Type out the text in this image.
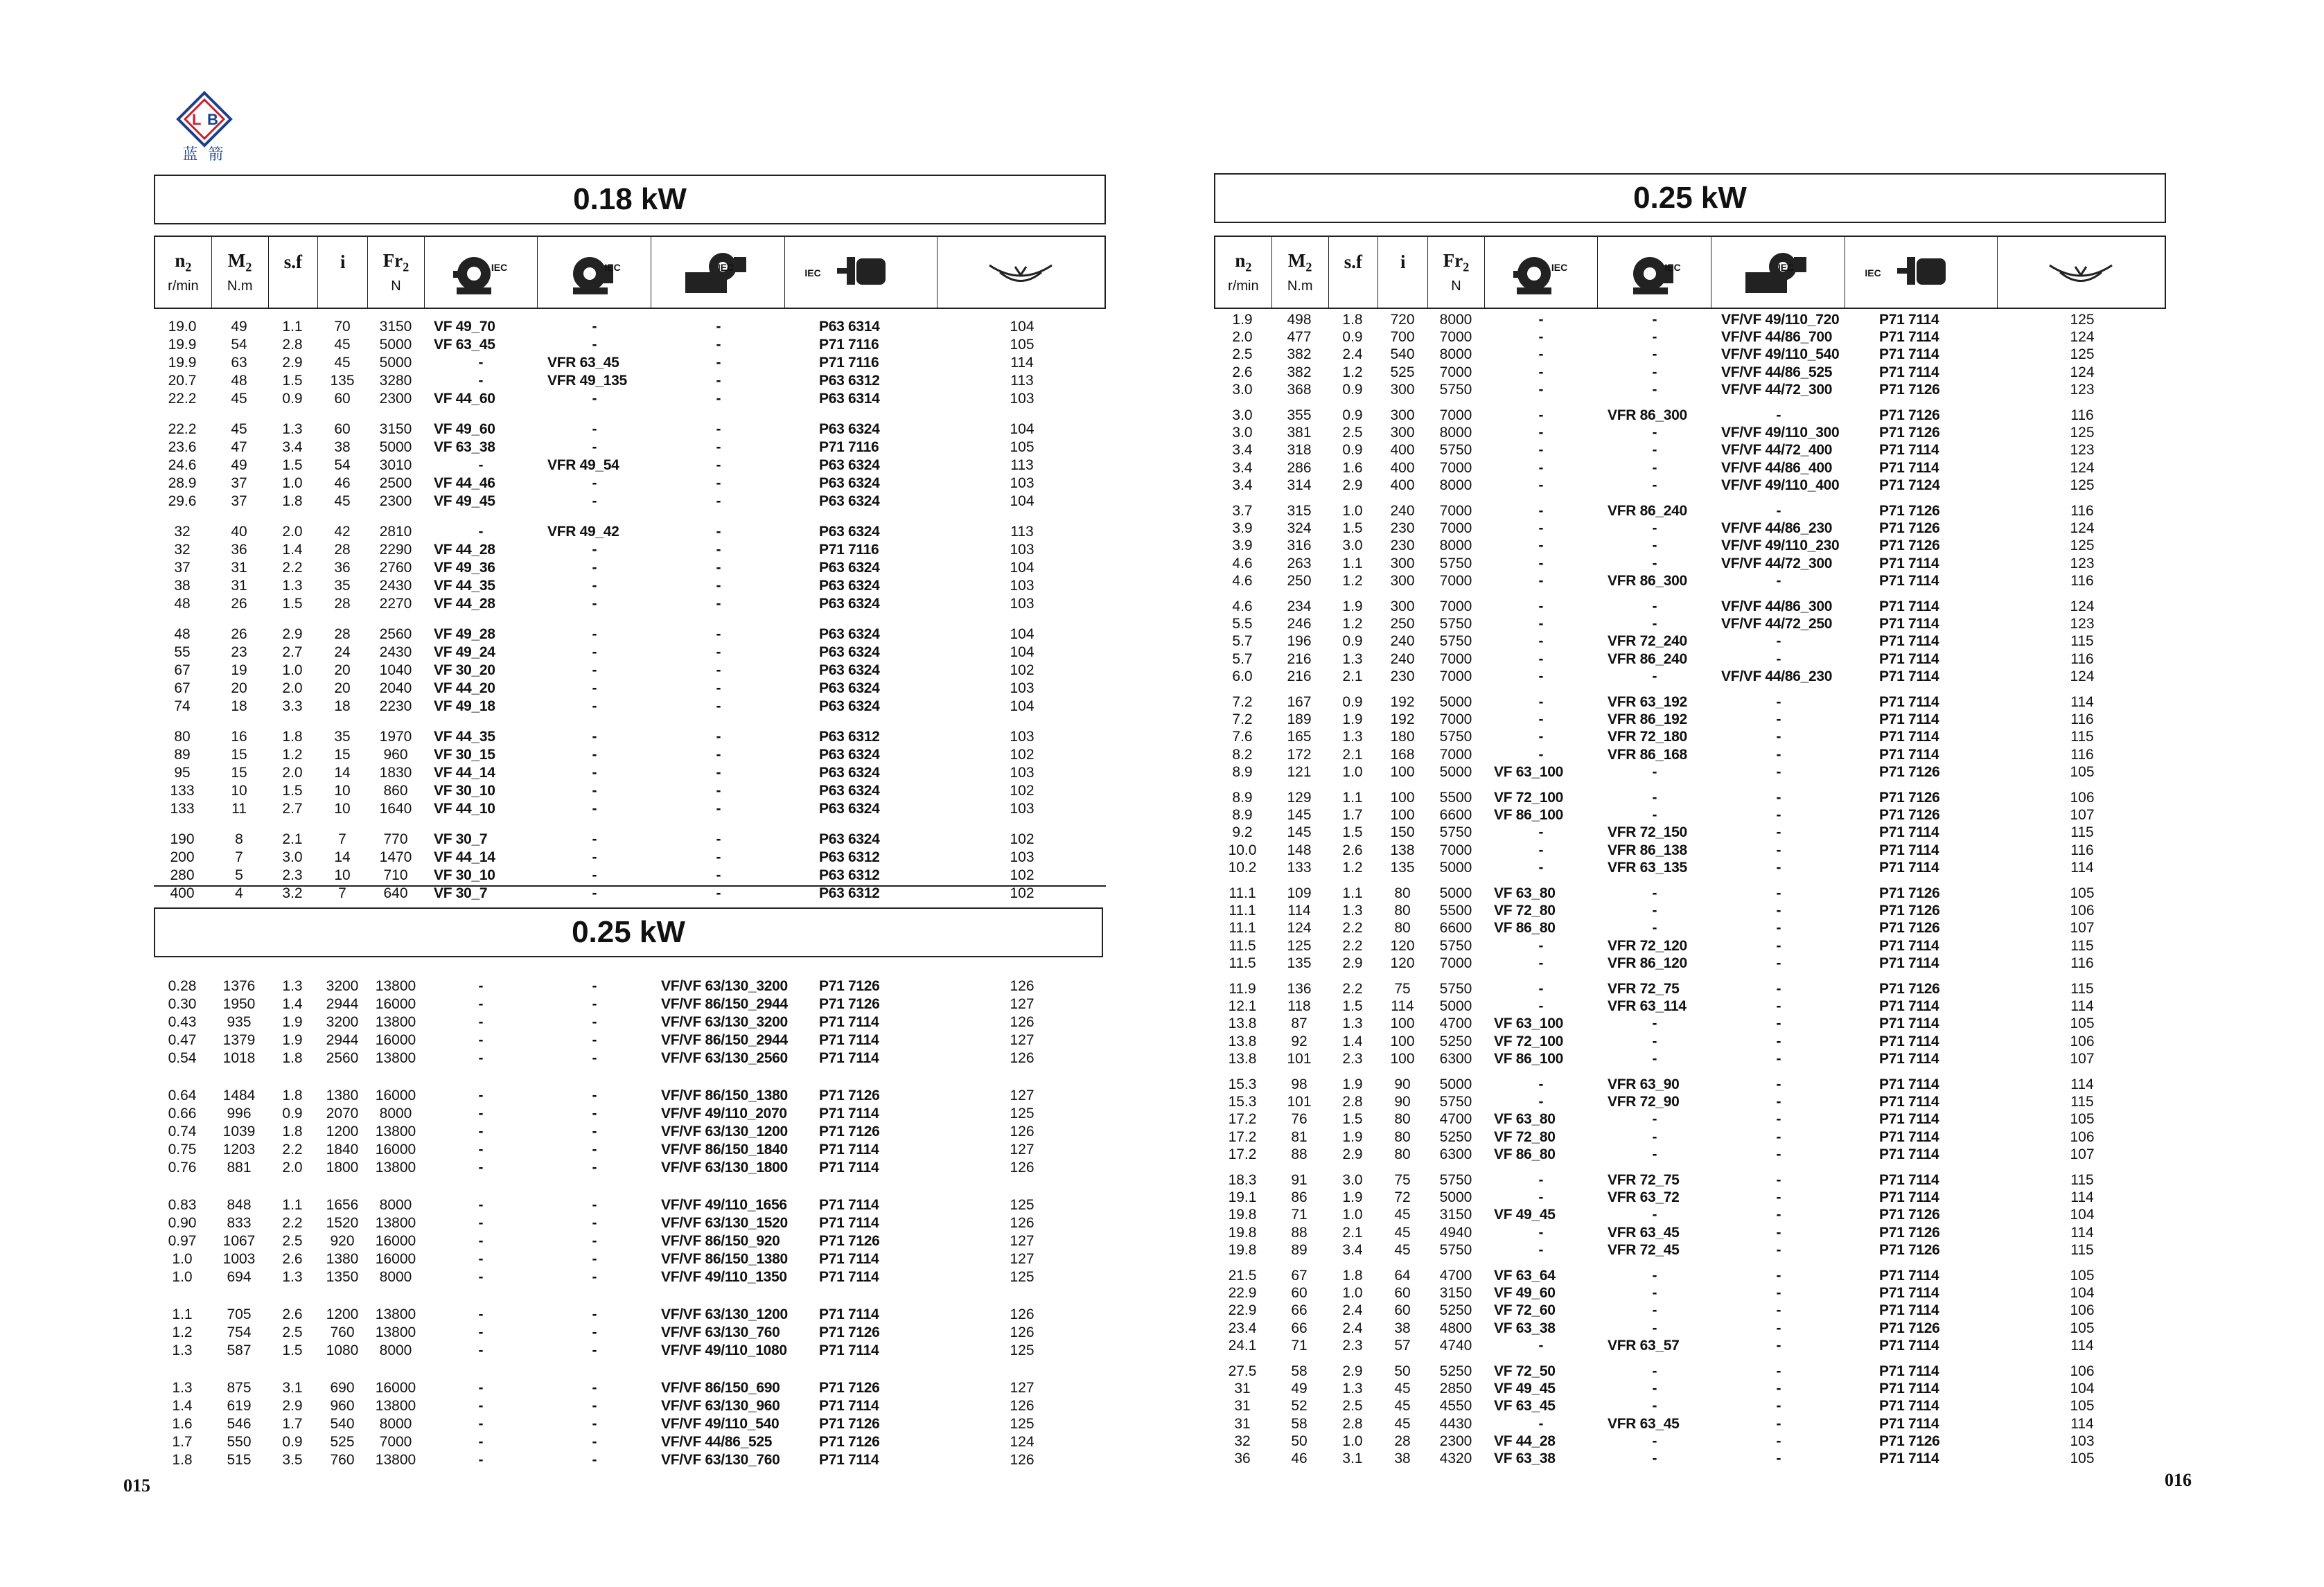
L B
蓝 箭
0.18 kW
0.25 kW
0.25 kW
$n_2$
r/min
$M_2$
N.m
s.f
i
$Fr_2$
N
IEC	IEC	IEC	IEC
$n_2$
r/min
$M_2$
N.m
s.f
i
$Fr_2$
N
IEC	IEC	IEC	IEC
19.0	49	1.1	70	3150	VF 49_70	-	-	P63 6314	104
19.9	54	2.8	45	5000	VF 63_45	-	-	P71 7116	105
19.9	63	2.9	45	5000	-	VFR 63_45	-	P71 7116	114
20.7	48	1.5	135	3280	-	VFR 49_135	-	P63 6312	113
22.2	45	0.9	60	2300	VF 44_60	-	-	P63 6314	103
22.2	45	1.3	60	3150	VF 49_60	-	-	P63 6324	104
23.6	47	3.4	38	5000	VF 63_38	-	-	P71 7116	105
24.6	49	1.5	54	3010	-	VFR 49_54	-	P63 6324	113
28.9	37	1.0	46	2500	VF 44_46	-	-	P63 6324	103
29.6	37	1.8	45	2300	VF 49_45	-	-	P63 6324	104
32	40	2.0	42	2810	-	VFR 49_42	-	P63 6324	113
32	36	1.4	28	2290	VF 44_28	-	-	P71 7116	103
37	31	2.2	36	2760	VF 49_36	-	-	P63 6324	104
38	31	1.3	35	2430	VF 44_35	-	-	P63 6324	103
48	26	1.5	28	2270	VF 44_28	-	-	P63 6324	103
48	26	2.9	28	2560	VF 49_28	-	-	P63 6324	104
55	23	2.7	24	2430	VF 49_24	-	-	P63 6324	104
67	19	1.0	20	1040	VF 30_20	-	-	P63 6324	102
67	20	2.0	20	2040	VF 44_20	-	-	P63 6324	103
74	18	3.3	18	2230	VF 49_18	-	-	P63 6324	104
80	16	1.8	35	1970	VF 44_35	-	-	P63 6312	103
89	15	1.2	15	960	VF 30_15	-	-	P63 6324	102
95	15	2.0	14	1830	VF 44_14	-	-	P63 6324	103
133	10	1.5	10	860	VF 30_10	-	-	P63 6324	102
133	11	2.7	10	1640	VF 44_10	-	-	P63 6324	103
190	8	2.1	7	770	VF 30_7	-	-	P63 6324	102
200	7	3.0	14	1470	VF 44_14	-	-	P63 6312	103
280	5	2.3	10	710	VF 30_10	-	-	P63 6312	102
400	4	3.2	7	640	VF 30_7	-	-	P63 6312	102
0.28	1376	1.3	3200	13800	-	-	VF/VF 63/130_3200 P71 7126	126
0.30	1950	1.4	2944	16000	-	-	VF/VF 86/150_2944 P71 7126	127
0.43	935	1.9	3200	13800	-	-	VF/VF 63/130_3200 P71 7114	126
0.47	1379	1.9	2944	16000	-	-	VF/VF 86/150_2944 P71 7114	127
0.54	1018	1.8	2560	13800	-	-	VF/VF 63/130_2560 P71 7114	126
0.64	1484	1.8	1380	16000	-	-	VF/VF 86/150_1380 P71 7126	127
0.66	996	0.9	2070	8000	-	-	VF/VF 49/110_2070 P71 7114	125
0.74	1039	1.8	1200	13800	-	-	VF/VF 63/130_1200 P71 7126	126
0.75	1203	2.2	1840	16000	-	-	VF/VF 86/150_1840 P71 7114	127
0.76	881	2.0	1800	13800	-	-	VF/VF 63/130_1800 P71 7114	126
0.83	848	1.1	1656	8000	-	-	VF/VF 49/110_1656 P71 7114	125
0.90	833	2.2	1520	13800	-	-	VF/VF 63/130_1520 P71 7114	126
0.97	1067	2.5	920	16000	-	-	VF/VF 86/150_920	P71 7126	127
1.0	1003	2.6	1380	16000	-	-	VF/VF 86/150_1380 P71 7114	127
1.0	694	1.3	1350	8000	-	-	VF/VF 49/110_1350 P71 7114	125
1.1	705	2.6	1200	13800	-	-	VF/VF 63/130_1200 P71 7114	126
1.2	754	2.5	760	13800	-	-	VF/VF 63/130_760	P71 7126	126
1.3	587	1.5	1080	8000	-	-	VF/VF 49/110_1080 P71 7114	125
1.3	875	3.1	690	16000	-	-	VF/VF 86/150_690	P71 7126	127
1.4	619	2.9	960	13800	-	-	VF/VF 63/130_960	P71 7114	126
1.6	546	1.7	540	8000	-	-	VF/VF 49/110_540	P71 7126	125
1.7	550	0.9	525	7000	-	-	VF/VF 44/86_525	P71 7126	124
1.8	515	3.5	760	13800	-	-	VF/VF 63/130_760	P71 7114	126
1.9	498	1.8	720	8000	-	-	VF/VF 49/110_720	P71 7114	125
2.0	477	0.9	700	7000	-	-	VF/VF 44/86_700	P71 7114	124
2.5	382	2.4	540	8000	-	-	VF/VF 49/110_540	P71 7114	125
2.6	382	1.2	525	7000	-	-	VF/VF 44/86_525	P71 7114	124
3.0	368	0.9	300	5750	-	-	VF/VF 44/72_300	P71 7126	123
3.0	355	0.9	300	7000	-	VFR 86_300	-	P71 7126	116
3.0	381	2.5	300	8000	-	-	VF/VF 49/110_300	P71 7126	125
3.4	318	0.9	400	5750	-	-	VF/VF 44/72_400	P71 7114	123
3.4	286	1.6	400	7000	-	-	VF/VF 44/86_400	P71 7114	124
3.4	314	2.9	400	8000	-	-	VF/VF 49/110_400	P71 7124	125
3.7	315	1.0	240	7000	-	VFR 86_240	-	P71 7126	116
3.9	324	1.5	230	7000	-	-	VF/VF 44/86_230	P71 7126	124
3.9	316	3.0	230	8000	-	-	VF/VF 49/110_230	P71 7126	125
4.6	263	1.1	300	5750	-	-	VF/VF 44/72_300	P71 7114	123
4.6	250	1.2	300	7000	-	VFR 86_300	-	P71 7114	116
4.6	234	1.9	300	7000	-	-	VF/VF 44/86_300	P71 7114	124
5.5	246	1.2	250	5750	-	-	VF/VF 44/72_250	P71 7114	123
5.7	196	0.9	240	5750	-	VFR 72_240	-	P71 7114	115
5.7	216	1.3	240	7000	-	VFR 86_240	-	P71 7114	116
6.0	216	2.1	230	7000	-	-	VF/VF 44/86_230	P71 7114	124
7.2	167	0.9	192	5000	-	VFR 63_192	-	P71 7114	114
7.2	189	1.9	192	7000	-	VFR 86_192	-	P71 7114	116
7.6	165	1.3	180	5750	-	VFR 72_180	-	P71 7114	115
8.2	172	2.1	168	7000	-	VFR 86_168	-	P71 7114	116
8.9	121	1.0	100	5000	VF 63_100	-	-	P71 7126	105
8.9	129	1.1	100	5500	VF 72_100	-	-	P71 7126	106
8.9	145	1.7	100	6600	VF 86_100	-	-	P71 7126	107
9.2	145	1.5	150	5750	-	VFR 72_150	-	P71 7114	115
10.0	148	2.6	138	7000	-	VFR 86_138	-	P71 7114	116
10.2	133	1.2	135	5000	-	VFR 63_135	-	P71 7114	114
11.1	109	1.1	80	5000	VF 63_80	-	-	P71 7126	105
11.1	114	1.3	80	5500	VF 72_80	-	-	P71 7126	106
11.1	124	2.2	80	6600	VF 86_80	-	-	P71 7126	107
11.5	125	2.2	120	5750	-	VFR 72_120	-	P71 7114	115
11.5	135	2.9	120	7000	-	VFR 86_120	-	P71 7114	116
11.9	136	2.2	75	5750	-	VFR 72_75	-	P71 7126	115
12.1	118	1.5	114	5000	-	VFR 63_114	-	P71 7114	114
13.8	87	1.3	100	4700	VF 63_100	-	-	P71 7114	105
13.8	92	1.4	100	5250	VF 72_100	-	-	P71 7114	106
13.8	101	2.3	100	6300	VF 86_100	-	-	P71 7114	107
15.3	98	1.9	90	5000	-	VFR 63_90	-	P71 7114	114
15.3	101	2.8	90	5750	-	VFR 72_90	-	P71 7114	115
17.2	76	1.5	80	4700	VF 63_80	-	-	P71 7114	105
17.2	81	1.9	80	5250	VF 72_80	-	-	P71 7114	106
17.2	88	2.9	80	6300	VF 86_80	-	-	P71 7114	107
18.3	91	3.0	75	5750	-	VFR 72_75	-	P71 7114	115
19.1	86	1.9	72	5000	-	VFR 63_72	-	P71 7114	114
19.8	71	1.0	45	3150	VF 49_45	-	-	P71 7126	104
19.8	88	2.1	45	4940	-	VFR 63_45	-	P71 7126	114
19.8	89	3.4	45	5750	-	VFR 72_45	-	P71 7126	115
21.5	67	1.8	64	4700	VF 63_64	-	-	P71 7114	105
22.9	60	1.0	60	3150	VF 49_60	-	-	P71 7114	104
22.9	66	2.4	60	5250	VF 72_60	-	-	P71 7114	106
23.4	66	2.4	38	4800	VF 63_38	-	-	P71 7126	105
24.1	71	2.3	57	4740	-	VFR 63_57	-	P71 7114	114
27.5	58	2.9	50	5250	VF 72_50	-	-	P71 7114	106
31	49	1.3	45	2850	VF 49_45	-	-	P71 7114	104
31	52	2.5	45	4550	VF 63_45	-	-	P71 7114	105
31	58	2.8	45	4430	-	VFR 63_45	-	P71 7114	114
32	50	1.0	28	2300	VF 44_28	-	-	P71 7126	103
36	46	3.1	38	4320	VF 63_38	-	-	P71 7114	105
015	016
